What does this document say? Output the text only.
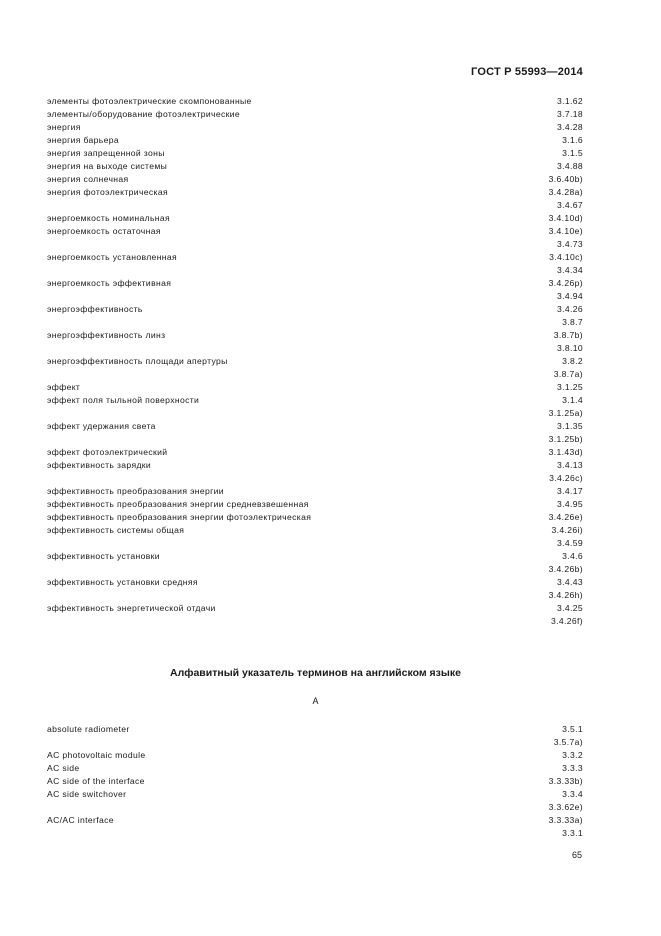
ГОСТ Р 55993—2014
элементы фотоэлектрические скомпонованные	3.1.62
элементы/оборудование фотоэлектрические	3.7.18
энергия	3.4.28
энергия барьера	3.1.6
энергия запрещенной зоны	3.1.5
энергия на выходе системы	3.4.88
энергия солнечная	3.6.40b)
энергия фотоэлектрическая	3.4.28a)
3.4.67
энергоемкость номинальная	3.4.10d)
энергоемкость остаточная	3.4.10e)
3.4.73
энергоемкость установленная	3.4.10c)
3.4.34
энергоемкость эффективная	3.4.26p)
3.4.94
энергоэффективность	3.4.26
3.8.7
энергоэффективность линз	3.8.7b)
3.8.10
энергоэффективность площади апертуры	3.8.2
3.8.7a)
эффект	3.1.25
эффект поля тыльной поверхности	3.1.4
3.1.25a)
эффект удержания света	3.1.35
3.1.25b)
эффект фотоэлектрический	3.1.43d)
эффективность зарядки	3.4.13
3.4.26c)
эффективность преобразования энергии	3.4.17
эффективность преобразования энергии средневзвешенная	3.4.95
эффективность преобразования энергии фотоэлектрическая	3.4.26e)
эффективность системы общая	3.4.26i)
3.4.59
эффективность установки	3.4.6
3.4.26b)
эффективность установки средняя	3.4.43
3.4.26h)
эффективность энергетической отдачи	3.4.25
3.4.26f)
Алфавитный указатель терминов на английском языке
A
absolute radiometer	3.5.1
3.5.7a)
AC photovoltaic module	3.3.2
AC side	3.3.3
AC side of the interface	3.3.33b)
AC side switchover	3.3.4
3.3.62e)
AC/AC interface	3.3.33a)
3.3.1
65
